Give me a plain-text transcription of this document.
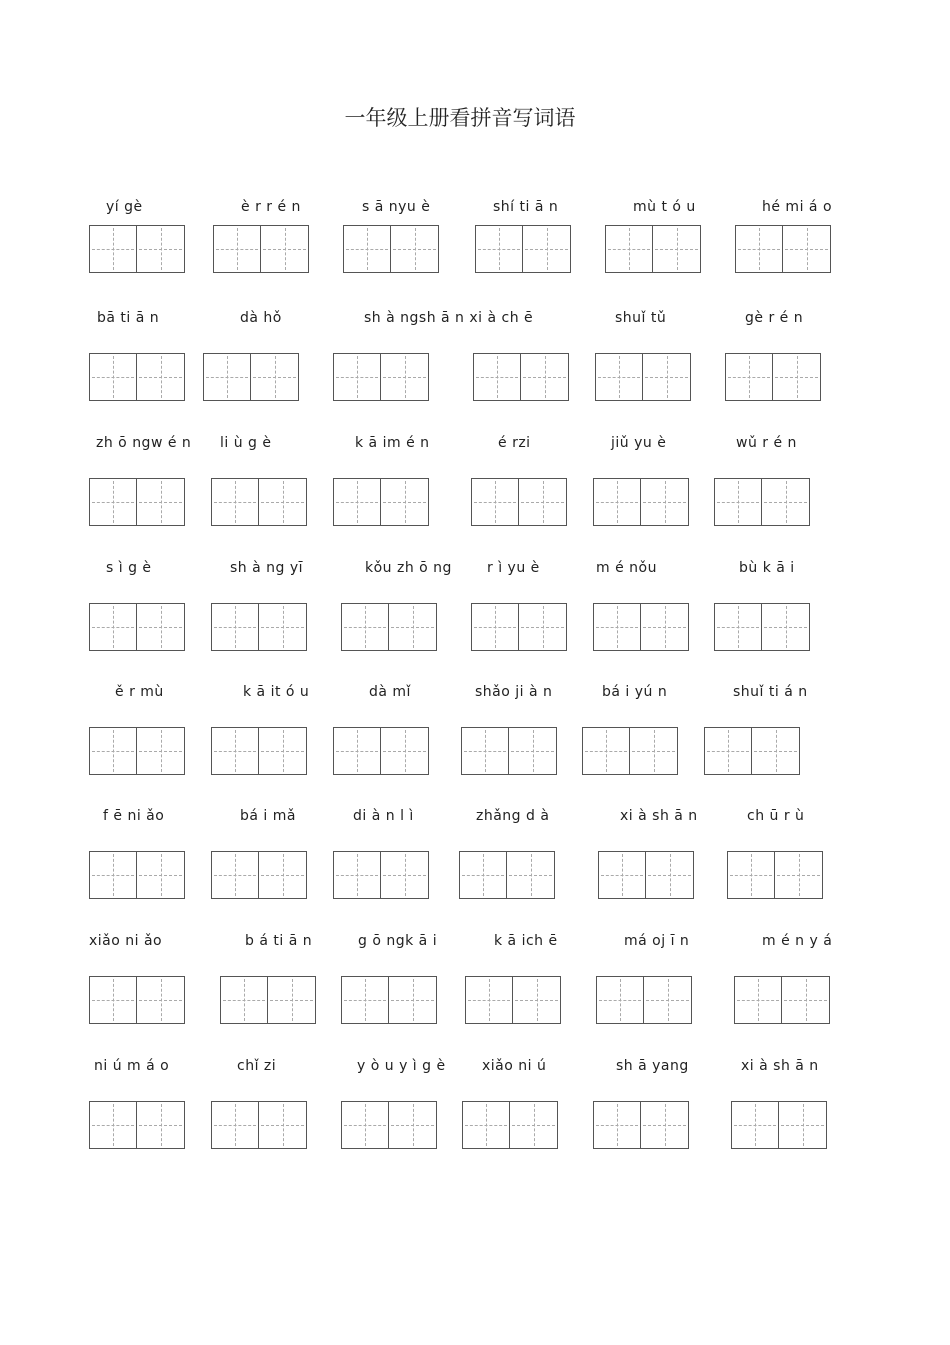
一年级上册看拼音写词语
yí gè	è r r é n	s ā nyu è	shí ti ā n	mù t ó u	hé mi á o
bā ti ā n	dà hǒ	sh à ngsh ā n xi à ch ē	shuǐ tǔ	gè r é n
zh ō ngw é n li ù g è	k ā im é n	é rzi	jiǔ yu è	wǔ r é n
s ì g è	sh à ng yī	kǒu zh ō ng	r ì yu è	m é nǒu	bù k ā i
ě r mù	k ā it ó u	dà mǐ	shǎo ji à n	bá i yú n	shuǐ ti á n
f ē ni ǎo	bá i mǎ	di à n l ì	zhǎng d à	xi à sh ā n	ch ū r ù
xiǎo ni ǎo	b á ti ā n	g ō ngk ā i	k ā ich ē	má oj ī n	m é n y á
ni ú m á o	chǐ zi	y ò u y ì g è	xiǎo ni ú	sh ā yang	xi à sh ā n
